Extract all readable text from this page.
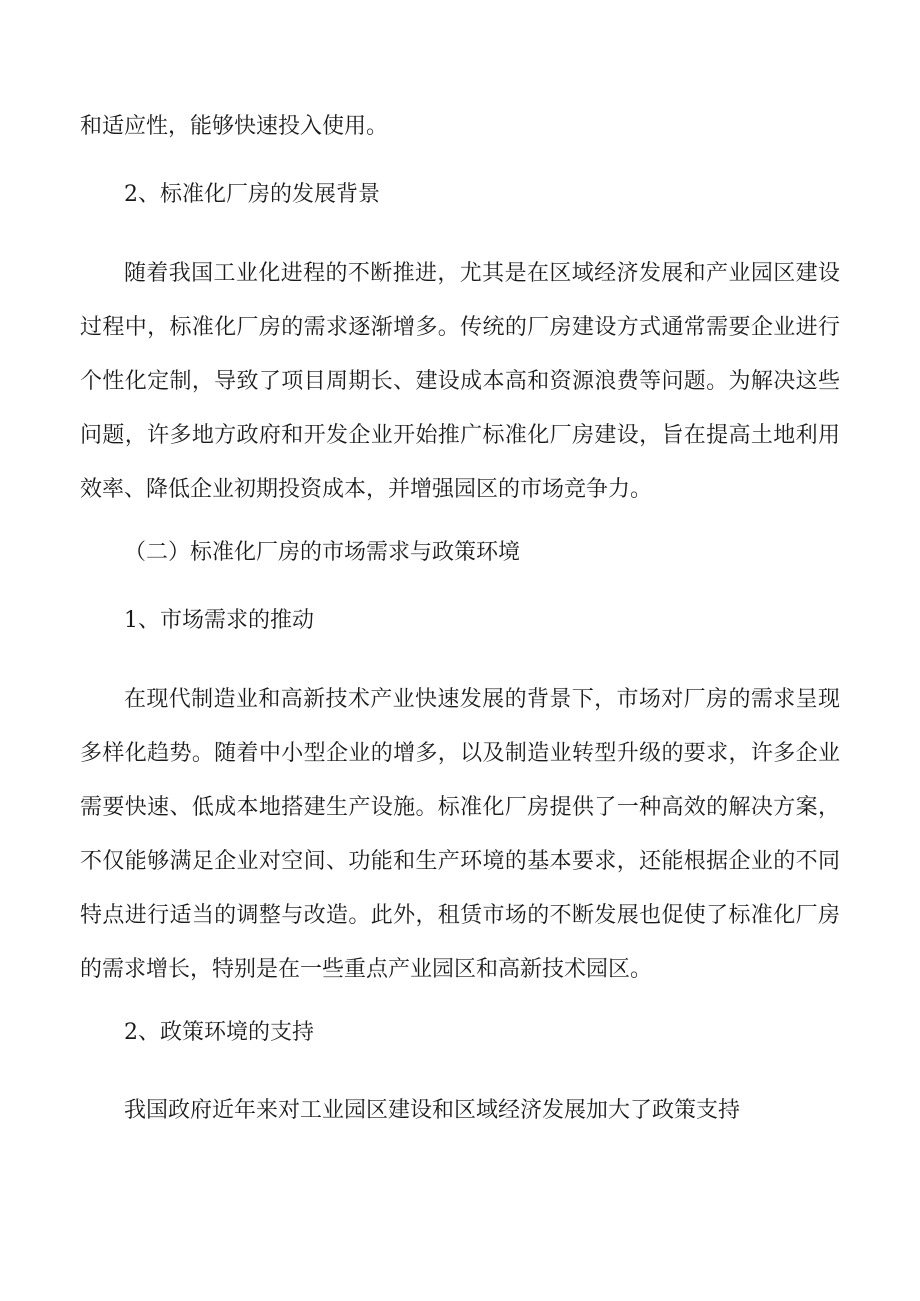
和适应性，能够快速投入使用。

2、标准化厂房的发展背景

随着我国工业化进程的不断推进，尤其是在区域经济发展和产业园区建设过程中，标准化厂房的需求逐渐增多。传统的厂房建设方式通常需要企业进行个性化定制，导致了项目周期长、建设成本高和资源浪费等问题。为解决这些问题，许多地方政府和开发企业开始推广标准化厂房建设，旨在提高土地利用效率、降低企业初期投资成本，并增强园区的市场竞争力。

（二）标准化厂房的市场需求与政策环境
1、市场需求的推动

在现代制造业和高新技术产业快速发展的背景下，市场对厂房的需求呈现多样化趋势。随着中小型企业的增多，以及制造业转型升级的要求，许多企业需要快速、低成本地搭建生产设施。标准化厂房提供了一种高效的解决方案，不仅能够满足企业对空间、功能和生产环境的基本要求，还能根据企业的不同特点进行适当的调整与改造。此外，租赁市场的不断发展也促使了标准化厂房的需求增长，特别是在一些重点产业园区和高新技术园区。

2、政策环境的支持

我国政府近年来对工业园区建设和区域经济发展加大了政策支持
